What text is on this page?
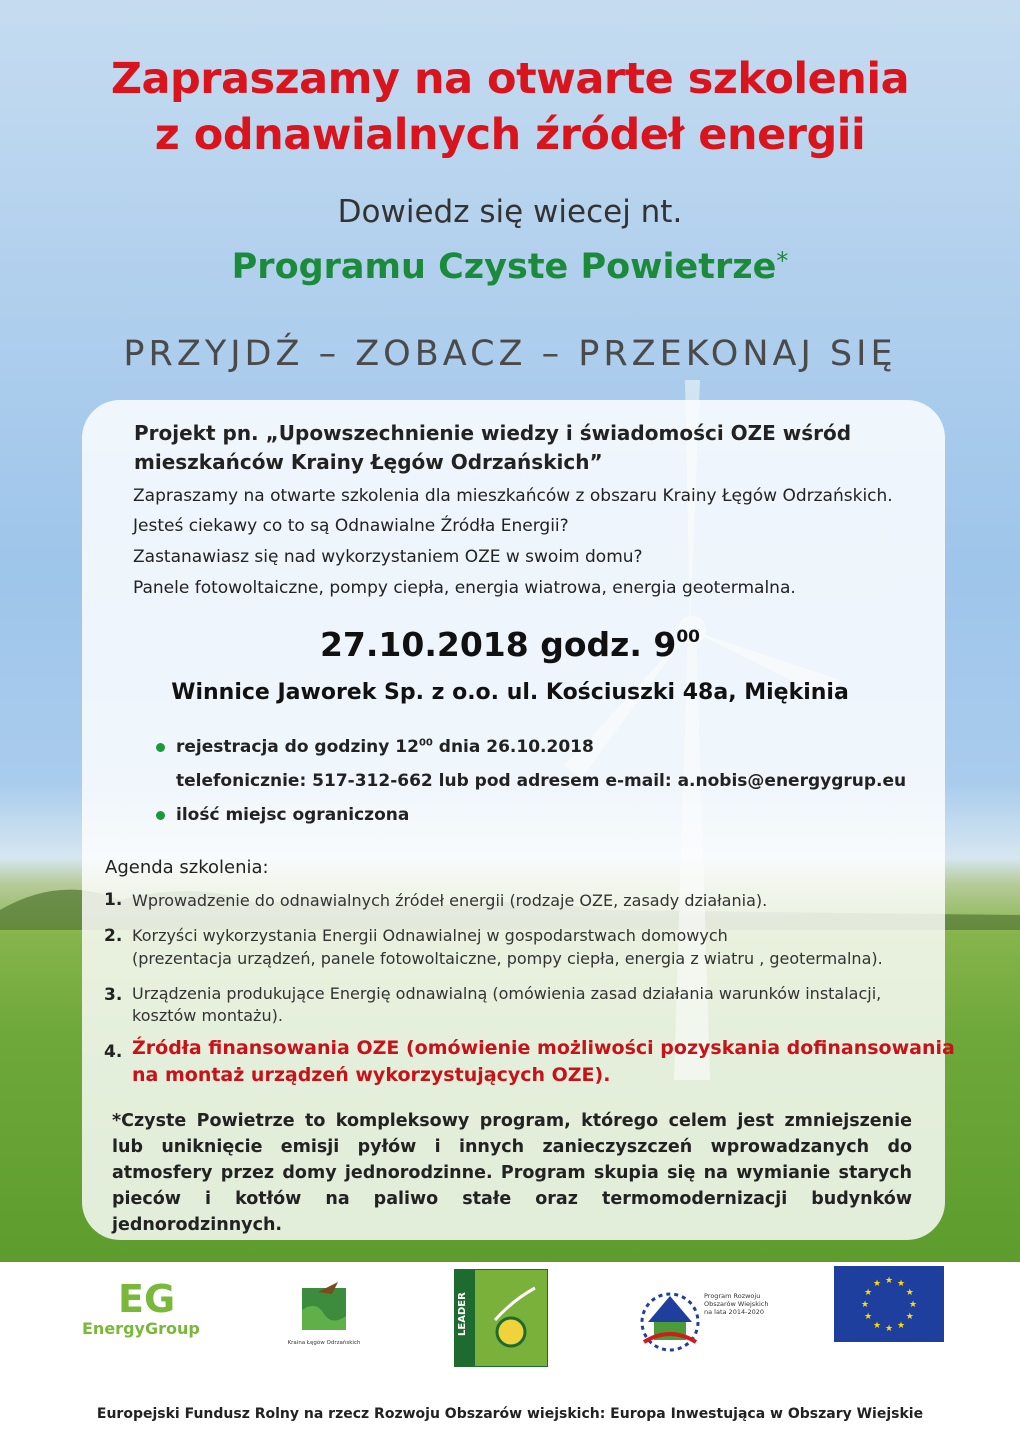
Zapraszamy na otwarte szkolenia
z odnawialnych źródeł energii
Dowiedz się wiecej nt.
Programu Czyste Powietrze*
PRZYJDŹ – ZOBACZ – PRZEKONAJ SIĘ
Projekt pn. „Upowszechnienie wiedzy i świadomości OZE wśród
mieszkańców Krainy Łęgów Odrzańskich”
Zapraszamy na otwarte szkolenia dla mieszkańców z obszaru Krainy Łęgów Odrzańskich.
Jesteś ciekawy co to są Odnawialne Źródła Energii?
Zastanawiasz się nad wykorzystaniem OZE w swoim domu?
Panele fotowoltaiczne, pompy ciepła, energia wiatrowa, energia geotermalna.
27.10.2018 godz. $9^{00}$
Winnice Jaworek Sp. z o.o. ul. Kościuszki 48a, Miękinia
rejestracja do godziny $12^{00}$ dnia 26.10.2018
telefonicznie: 517-312-662 lub pod adresem e-mail: a.nobis@energygrup.eu
ilość miejsc ograniczona
Agenda szkolenia:
1. Wprowadzenie do odnawialnych źródeł energii (rodzaje OZE, zasady działania).
2. Korzyści wykorzystania Energii Odnawialnej w gospodarstwach domowych
(prezentacja urządzeń, panele fotowoltaiczne, pompy ciepła, energia z wiatru , geotermalna).
3. Urządzenia produkujące Energię odnawialną (omówienia zasad działania warunków instalacji,
kosztów montażu).
4. Źródła finansowania OZE (omówienie możliwości pozyskania dofinansowania
na montaż urządzeń wykorzystujących OZE).
*Czyste Powietrze to kompleksowy program, którego celem jest zmniejszenie lub uniknięcie emisji pyłów i innych zanieczyszczeń wprowadzanych do atmosfery przez domy jednorodzinne. Program skupia się na wymianie starych pieców i kotłów na paliwo stałe oraz termomodernizacji budynków jednorodzinnych.
EG
EnergyGroup
Kraina Łęgów Odrzańskich
LEADER	Program Rozwoju Obszarów Wiejskich na lata 2014-2020
★ ★
★
★
★
★
★
★
★
★
★
★
Europejski Fundusz Rolny na rzecz Rozwoju Obszarów wiejskich: Europa Inwestująca w Obszary Wiejskie
